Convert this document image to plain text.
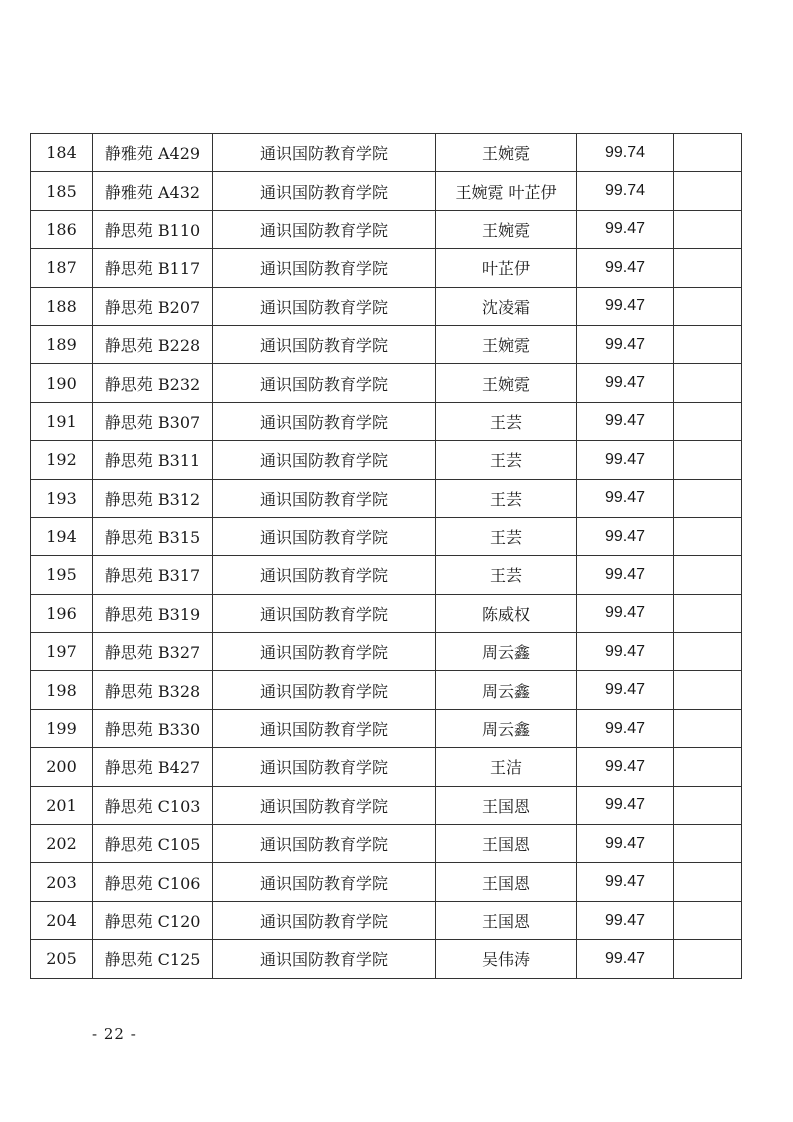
184	静雅苑 A429	通识国防教育学院	王婉霓	99.74	
185	静雅苑 A432	通识国防教育学院	王婉霓 叶芷伊	99.74	
186	静思苑 B110	通识国防教育学院	王婉霓	99.47	
187	静思苑 B117	通识国防教育学院	叶芷伊	99.47	
188	静思苑 B207	通识国防教育学院	沈凌霜	99.47	
189	静思苑 B228	通识国防教育学院	王婉霓	99.47	
190	静思苑 B232	通识国防教育学院	王婉霓	99.47	
191	静思苑 B307	通识国防教育学院	王芸	99.47	
192	静思苑 B311	通识国防教育学院	王芸	99.47	
193	静思苑 B312	通识国防教育学院	王芸	99.47	
194	静思苑 B315	通识国防教育学院	王芸	99.47	
195	静思苑 B317	通识国防教育学院	王芸	99.47	
196	静思苑 B319	通识国防教育学院	陈威权	99.47	
197	静思苑 B327	通识国防教育学院	周云鑫	99.47	
198	静思苑 B328	通识国防教育学院	周云鑫	99.47	
199	静思苑 B330	通识国防教育学院	周云鑫	99.47	
200	静思苑 B427	通识国防教育学院	王洁	99.47	
201	静思苑 C103	通识国防教育学院	王国恩	99.47	
202	静思苑 C105	通识国防教育学院	王国恩	99.47	
203	静思苑 C106	通识国防教育学院	王国恩	99.47	
204	静思苑 C120	通识国防教育学院	王国恩	99.47	
205	静思苑 C125	通识国防教育学院	吴伟涛	99.47	
- 22 -
